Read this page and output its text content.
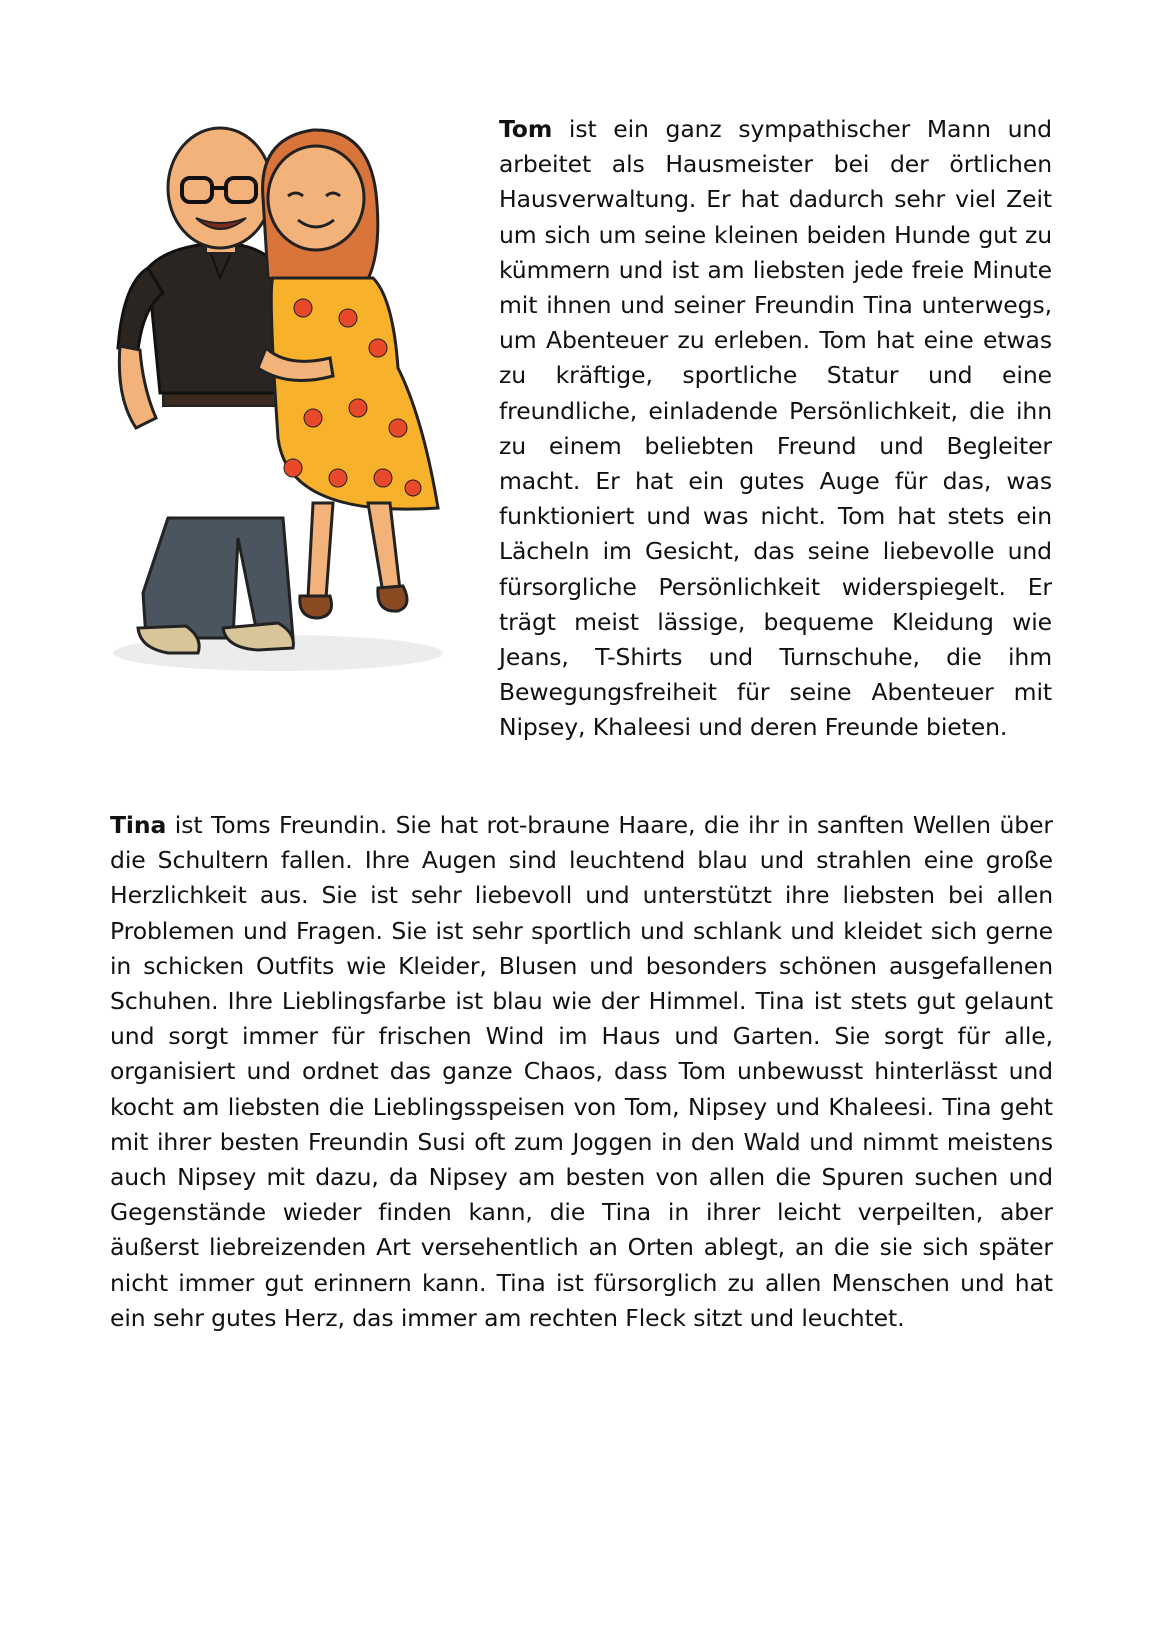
Tom ist ein ganz sympathischer Mann und arbeitet als Hausmeister bei der örtlichen Hausverwaltung. Er hat dadurch sehr viel Zeit um sich um seine kleinen beiden Hunde gut zu kümmern und ist am liebsten jede freie Minute mit ihnen und seiner Freundin Tina unterwegs, um Abenteuer zu erleben. Tom hat eine etwas zu kräftige, sportliche Statur und eine freundliche, einladende Persönlichkeit, die ihn zu einem beliebten Freund und Begleiter macht. Er hat ein gutes Auge für das, was funktioniert und was nicht. Tom hat stets ein Lächeln im Gesicht, das seine liebevolle und fürsorgliche Persönlichkeit widerspiegelt. Er trägt meist lässige, bequeme Kleidung wie Jeans, T-Shirts und Turnschuhe, die ihm Bewegungsfreiheit für seine Abenteuer mit Nipsey, Khaleesi und deren Freunde bieten.

Tina ist Toms Freundin. Sie hat rot-braune Haare, die ihr in sanften Wellen über die Schultern fallen. Ihre Augen sind leuchtend blau und strahlen eine große Herzlichkeit aus. Sie ist sehr liebevoll und unterstützt ihre liebsten bei allen Problemen und Fragen. Sie ist sehr sportlich und schlank und kleidet sich gerne in schicken Outfits wie Kleider, Blusen und besonders schönen ausgefallenen Schuhen. Ihre Lieblingsfarbe ist blau wie der Himmel. Tina ist stets gut gelaunt und sorgt immer für frischen Wind im Haus und Garten. Sie sorgt für alle, organisiert und ordnet das ganze Chaos, dass Tom unbewusst hinterlässt und kocht am liebsten die Lieblingsspeisen von Tom, Nipsey und Khaleesi. Tina geht mit ihrer besten Freundin Susi oft zum Joggen in den Wald und nimmt meistens auch Nipsey mit dazu, da Nipsey am besten von allen die Spuren suchen und Gegenstände wieder finden kann, die Tina in ihrer leicht verpeilten, aber äußerst liebreizenden Art versehentlich an Orten ablegt, an die sie sich später nicht immer gut erinnern kann. Tina ist fürsorglich zu allen Menschen und hat ein sehr gutes Herz, das immer am rechten Fleck sitzt und leuchtet.
